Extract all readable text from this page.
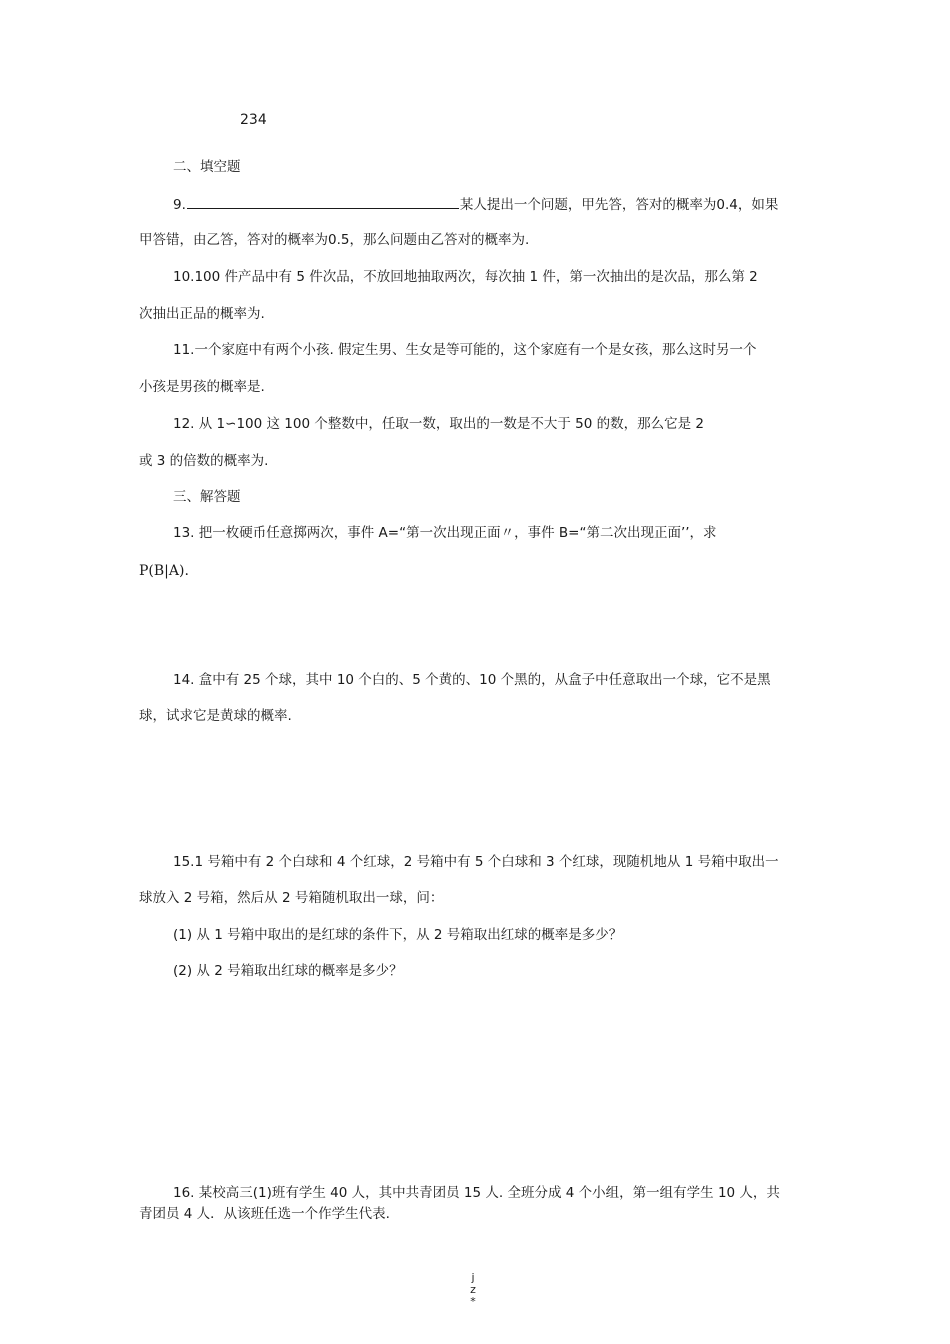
234
二、填空题
9.	某人提出一个问题，甲先答，答对的概率为0.4，如果
甲答错，由乙答，答对的概率为0.5，那么问题由乙答对的概率为.
10.100 件产品中有 5 件次品，不放回地抽取两次，每次抽 1 件，第一次抽出的是次品，那么第 2
次抽出正品的概率为.
11.一个家庭中有两个小孩. 假定生男、生女是等可能的，这个家庭有一个是女孩，那么这时另一个
小孩是男孩的概率是.
12. 从 1∽100 这 100 个整数中，任取一数，取出的一数是不大于 50 的数，那么它是 2
或 3 的倍数的概率为.
三、解答题
13. 把一枚硬币任意掷两次，事件 A=“第一次出现正面〃，事件 B=“第二次出现正面’’，求
P(B|A).
14. 盒中有 25 个球，其中 10 个白的、5 个黄的、10 个黑的，从盒子中任意取出一个球，它不是黑
球，试求它是黄球的概率.
15.1 号箱中有 2 个白球和 4 个红球，2 号箱中有 5 个白球和 3 个红球，现随机地从 1 号箱中取出一
球放入 2 号箱，然后从 2 号箱随机取出一球，问：
(1) 从 1 号箱中取出的是红球的条件下，从 2 号箱取出红球的概率是多少？
(2) 从 2 号箱取出红球的概率是多少？
16. 某校高三(1)班有学生 40 人，其中共青团员 15 人. 全班分成 4 个小组，第一组有学生 10 人，共
青团员 4 人．从该班任选一个作学生代表.
j
z
*
